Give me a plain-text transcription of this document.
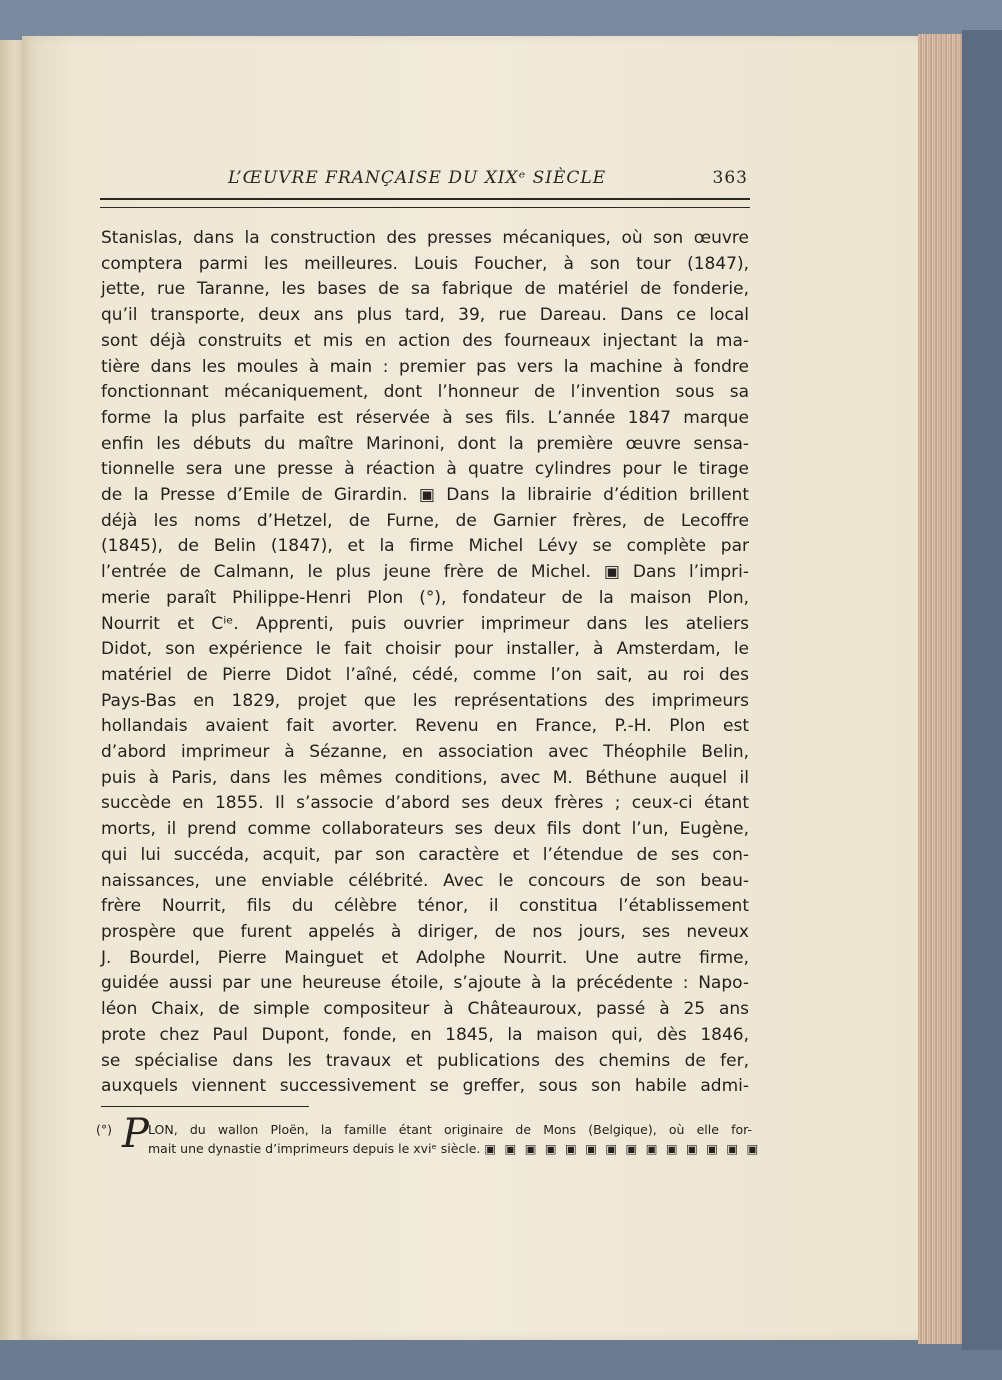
L’ŒUVRE FRANÇAISE DU XIXᵉ SIÈCLE	363
Stanislas, dans la construction des presses mécaniques, où son œuvre
comptera parmi les meilleures. Louis Foucher, à son tour (1847),
jette, rue Taranne, les bases de sa fabrique de matériel de fonderie,
qu’il transporte, deux ans plus tard, 39, rue Dareau. Dans ce local
sont déjà construits et mis en action des fourneaux injectant la ma-
tière dans les moules à main : premier pas vers la machine à fondre
fonctionnant mécaniquement, dont l’honneur de l’invention sous sa
forme la plus parfaite est réservée à ses fils. L’année 1847 marque
enfin les débuts du maître Marinoni, dont la première œuvre sensa-
tionnelle sera une presse à réaction à quatre cylindres pour le tirage
de la Presse d’Emile de Girardin. ▣ Dans la librairie d’édition brillent
déjà les noms d’Hetzel, de Furne, de Garnier frères, de Lecoffre
(1845), de Belin (1847), et la firme Michel Lévy se complète par
l’entrée de Calmann, le plus jeune frère de Michel. ▣ Dans l’impri-
merie paraît Philippe-Henri Plon (°), fondateur de la maison Plon,
Nourrit et Cⁱᵉ. Apprenti, puis ouvrier imprimeur dans les ateliers
Didot, son expérience le fait choisir pour installer, à Amsterdam, le
matériel de Pierre Didot l’aîné, cédé, comme l’on sait, au roi des
Pays-Bas en 1829, projet que les représentations des imprimeurs
hollandais avaient fait avorter. Revenu en France, P.-H. Plon est
d’abord imprimeur à Sézanne, en association avec Théophile Belin,
puis à Paris, dans les mêmes conditions, avec M. Béthune auquel il
succède en 1855. Il s’associe d’abord ses deux frères ; ceux-ci étant
morts, il prend comme collaborateurs ses deux fils dont l’un, Eugène,
qui lui succéda, acquit, par son caractère et l’étendue de ses con-
naissances, une enviable célébrité. Avec le concours de son beau-
frère Nourrit, fils du célèbre ténor, il constitua l’établissement
prospère que furent appelés à diriger, de nos jours, ses neveux
J. Bourdel, Pierre Mainguet et Adolphe Nourrit. Une autre firme,
guidée aussi par une heureuse étoile, s’ajoute à la précédente : Napo-
léon Chaix, de simple compositeur à Châteauroux, passé à 25 ans
prote chez Paul Dupont, fonde, en 1845, la maison qui, dès 1846,
se spécialise dans les travaux et publications des chemins de fer,
auxquels viennent successivement se greffer, sous son habile admi-
(°) P LON, du wallon Ploën, la famille étant originaire de Mons (Belgique), où elle for-
mait une dynastie d’imprimeurs depuis le xviᵉ siècle. ▣ ▣ ▣ ▣ ▣ ▣ ▣ ▣ ▣ ▣ ▣ ▣ ▣ ▣
